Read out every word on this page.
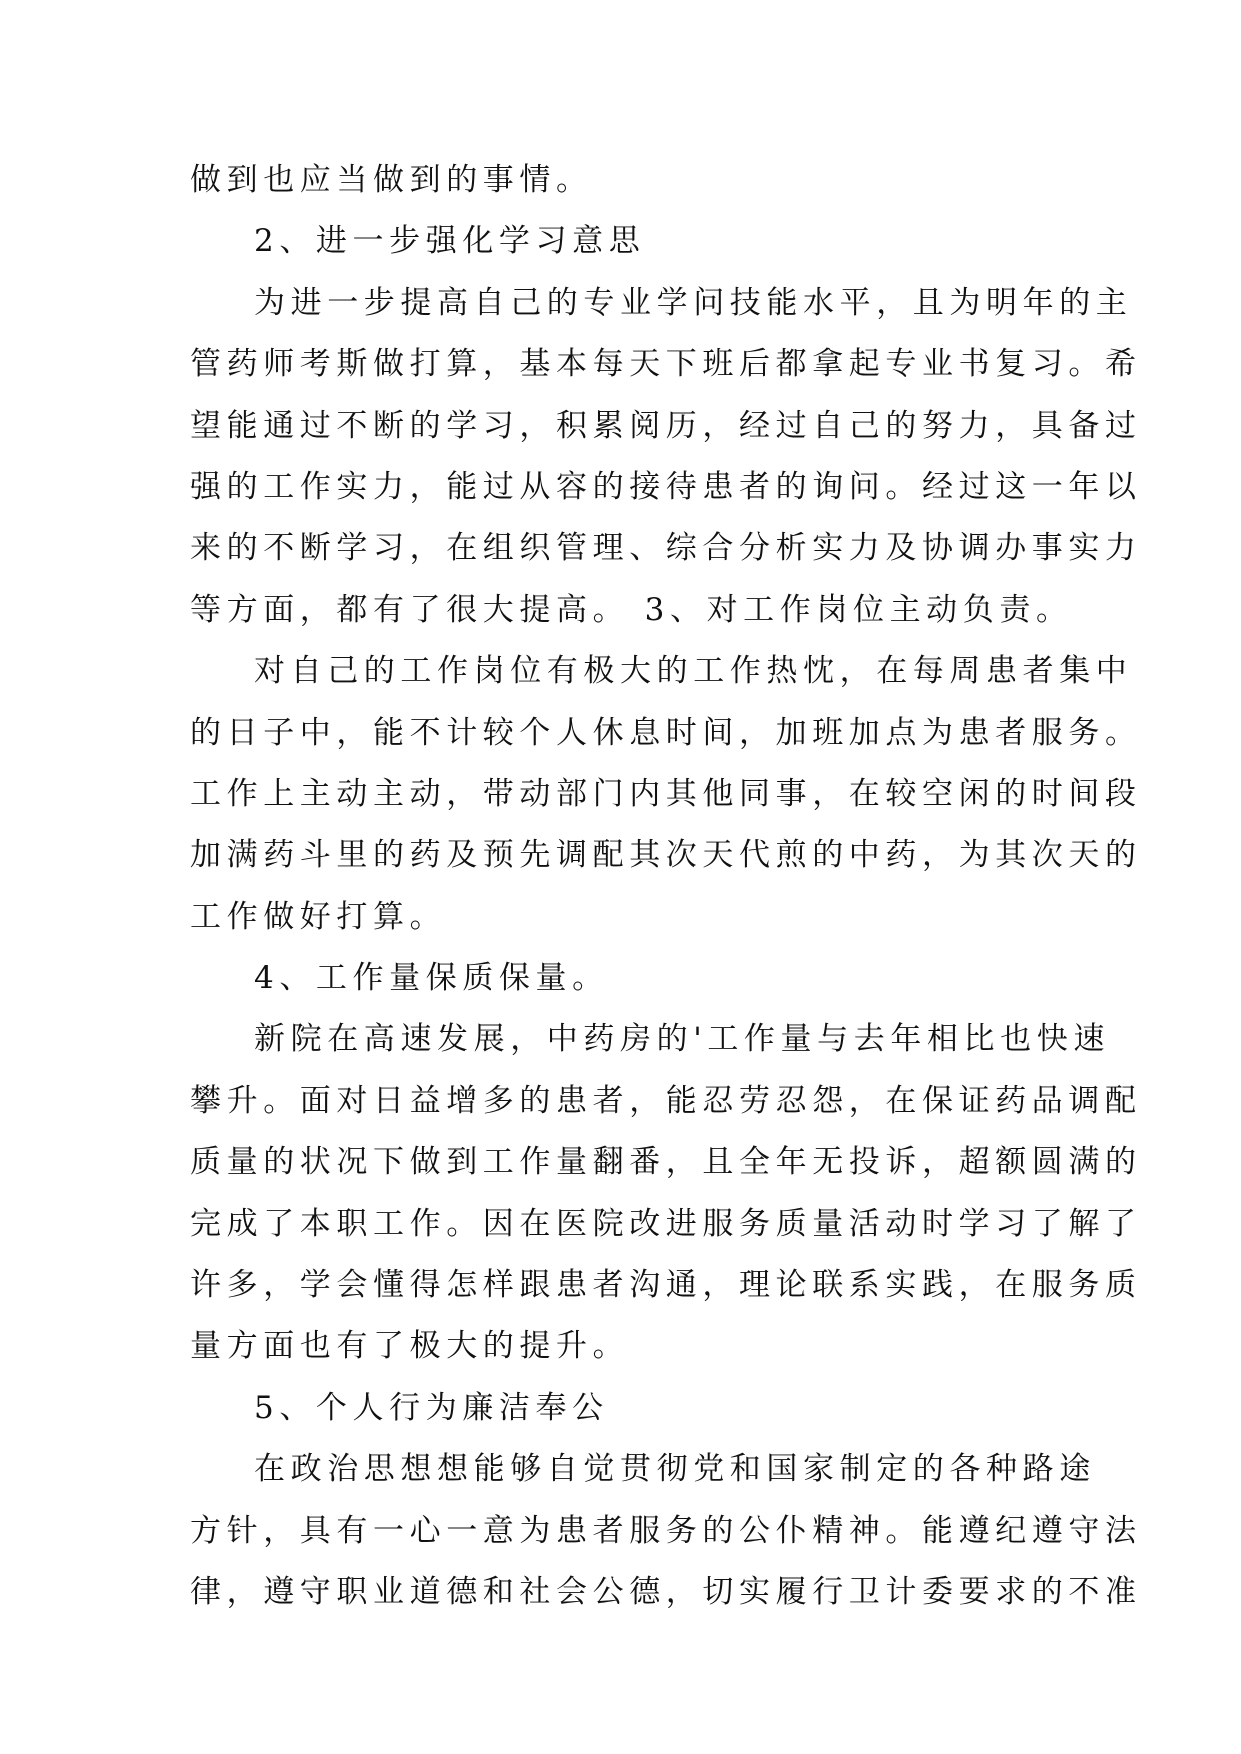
做到也应当做到的事情。
2、进一步强化学习意思
为进一步提高自己的专业学问技能水平，且为明年的主
管药师考斯做打算，基本每天下班后都拿起专业书复习。希
望能通过不断的学习，积累阅历，经过自己的努力，具备过
强的工作实力，能过从容的接待患者的询问。经过这一年以
来的不断学习，在组织管理、综合分析实力及协调办事实力
等方面，都有了很大提高。 3、对工作岗位主动负责。
对自己的工作岗位有极大的工作热忱，在每周患者集中
的日子中，能不计较个人休息时间，加班加点为患者服务。
工作上主动主动，带动部门内其他同事，在较空闲的时间段
加满药斗里的药及预先调配其次天代煎的中药，为其次天的
工作做好打算。
4、工作量保质保量。
新院在高速发展，中药房的'工作量与去年相比也快速
攀升。面对日益增多的患者，能忍劳忍怨，在保证药品调配
质量的状况下做到工作量翻番，且全年无投诉，超额圆满的
完成了本职工作。因在医院改进服务质量活动时学习了解了
许多，学会懂得怎样跟患者沟通，理论联系实践，在服务质
量方面也有了极大的提升。
5、个人行为廉洁奉公
在政治思想想能够自觉贯彻党和国家制定的各种路途
方针，具有一心一意为患者服务的公仆精神。能遵纪遵守法
律，遵守职业道德和社会公德，切实履行卫计委要求的不准
